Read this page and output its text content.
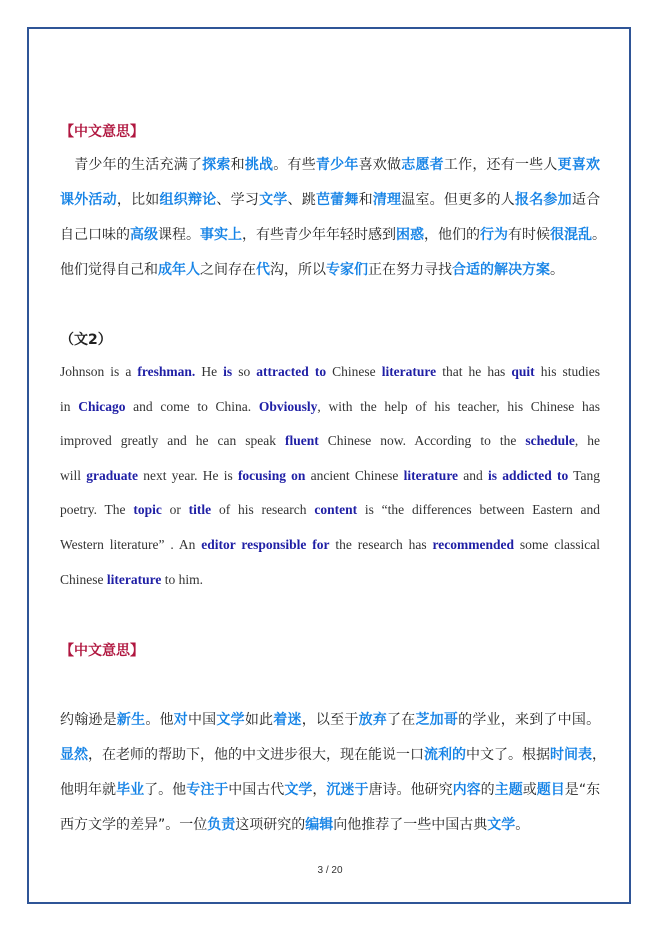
【中文意思】
　青少年的生活充满了探索和挑战。有些青少年喜欢做志愿者工作，还有一些人更喜欢
课外活动，比如组织辩论、学习文学、跳芭蕾舞和清理温室。但更多的人报名参加适合
自己口味的高级课程。事实上，有些青少年年轻时感到困惑，他们的行为有时候很混乱。
他们觉得自己和成年人之间存在代沟，所以专家们正在努力寻找合适的解决方案。
（文2）
Johnson is a freshman. He is so attracted to Chinese literature that he has quit his studies
in Chicago and come to China. Obviously, with the help of his teacher, his Chinese has
improved greatly and he can speak fluent Chinese now. According to the schedule, he
will graduate next year. He is focusing on ancient Chinese literature and is addicted to Tang
poetry. The topic or title of his research content is “the differences between Eastern and
Western literature” . An editor responsible for the research has recommended some classical
Chinese literature to him.
【中文意思】
约翰逊是新生。他对中国文学如此着迷，以至于放弃了在芝加哥的学业，来到了中国。
显然，在老师的帮助下，他的中文进步很大，现在能说一口流利的中文了。根据时间表，
他明年就毕业了。他专注于中国古代文学，沉迷于唐诗。他研究内容的主题或题目是“东
西方文学的差异”。一位负责这项研究的编辑向他推荐了一些中国古典文学。
3 / 20
